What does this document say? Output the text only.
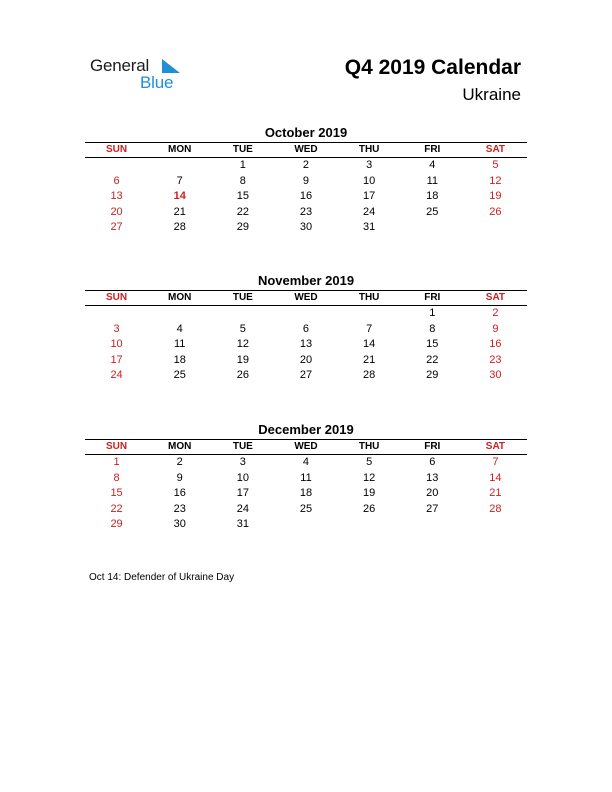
General
Blue
Q4 2019 Calendar
Ukraine
October 2019
SUN	MON	TUE	WED	THU	FRI	SAT
		1	2	3	4	5
6	7	8	9	10	11	12
13	14	15	16	17	18	19
20	21	22	23	24	25	26
27	28	29	30	31		
November 2019
SUN	MON	TUE	WED	THU	FRI	SAT
					1	2
3	4	5	6	7	8	9
10	11	12	13	14	15	16
17	18	19	20	21	22	23
24	25	26	27	28	29	30
December 2019
SUN	MON	TUE	WED	THU	FRI	SAT
1	2	3	4	5	6	7
8	9	10	11	12	13	14
15	16	17	18	19	20	21
22	23	24	25	26	27	28
29	30	31				
Oct 14: Defender of Ukraine Day
